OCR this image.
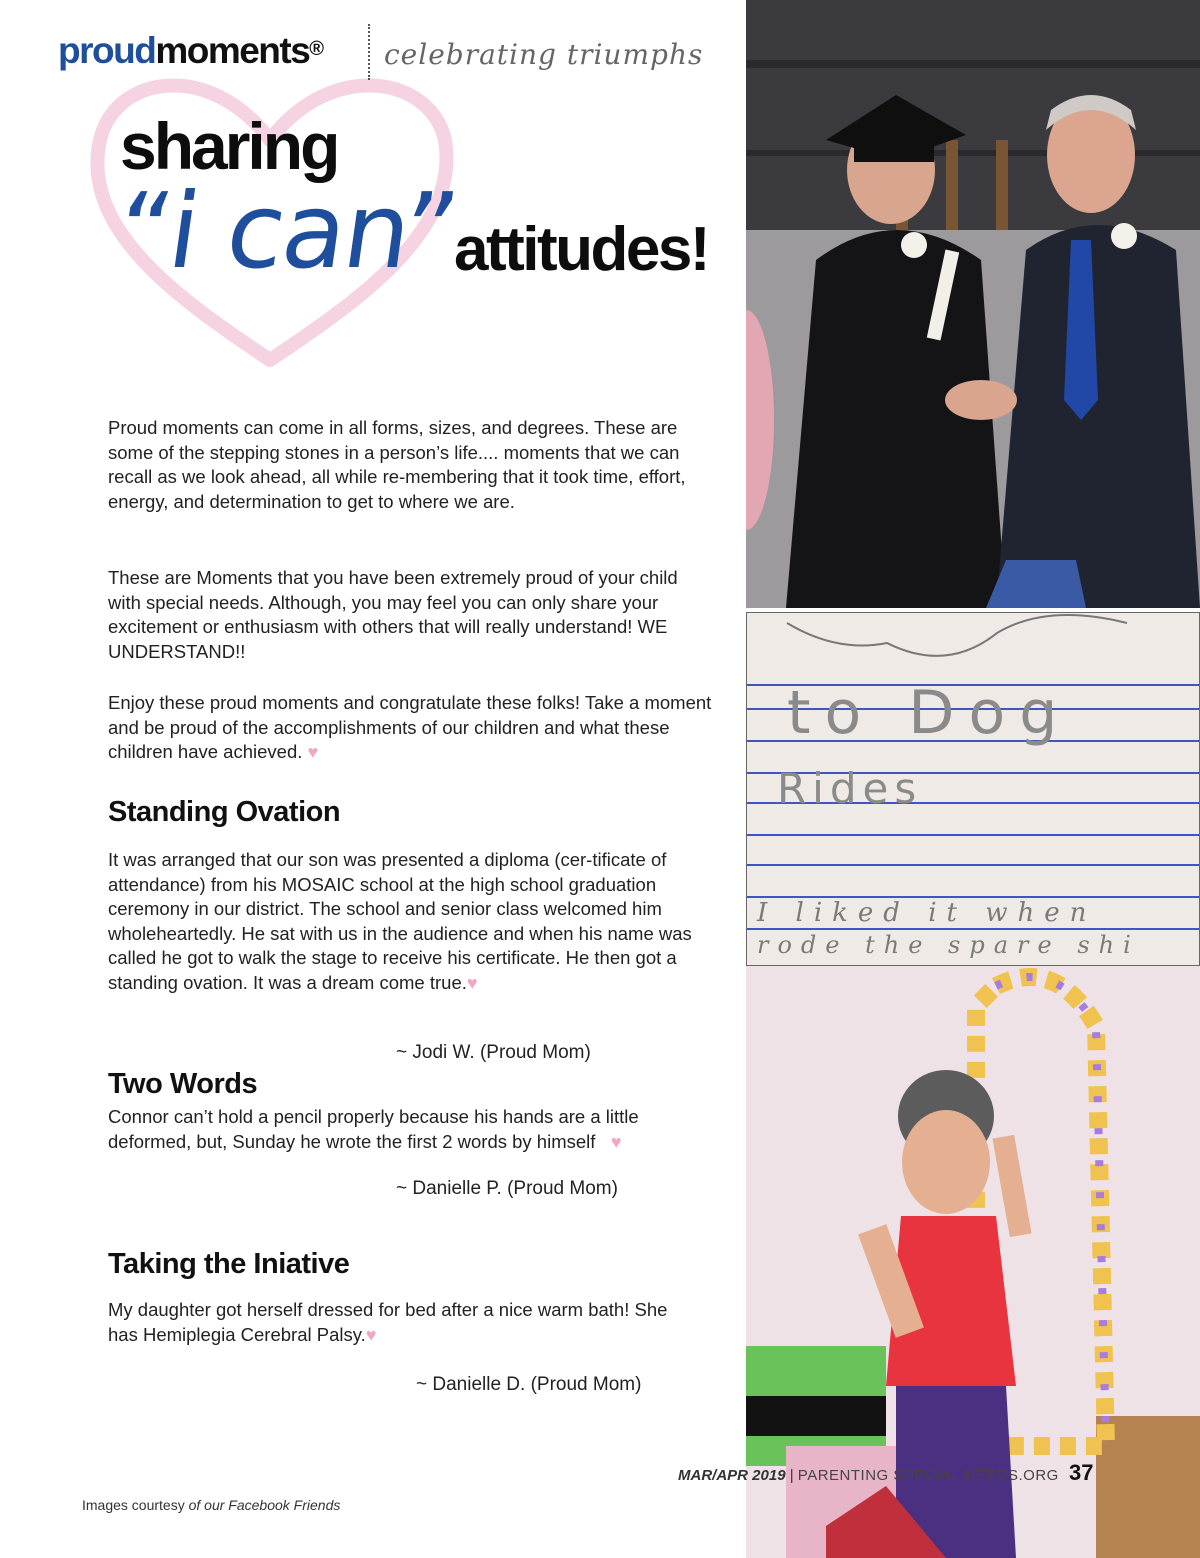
proudmoments® celebrating triumphs
sharing
“i can”
attitudes!

Proud moments can come in all forms, sizes, and degrees. These are some of the stepping stones in a person’s life.... moments that we can recall as we look ahead, all while re-membering that it took time, effort, energy, and determination to get to where we are.

These are Moments that you have been extremely proud of your child with special needs. Although, you may feel you can only share your excitement or enthusiasm with others that will really understand! WE UNDERSTAND!!

Enjoy these proud moments and congratulate these folks! Take a moment and be proud of the accomplishments of our children and what these children have achieved. ♥

Standing Ovation

It was arranged that our son was presented a diploma (cer-tificate of attendance) from his MOSAIC school at the high school graduation ceremony in our district. The school and senior class welcomed him wholeheartedly. He sat with us in the audience and when his name was called he got to walk the stage to receive his certificate. He then got a standing ovation. It was a dream come true.♥

~ Jodi W. (Proud Mom)
Two Words

Connor can’t hold a pencil properly because his hands are a little deformed, but, Sunday he wrote the first 2 words by himself ♥

~ Danielle P. (Proud Mom)
Taking the Iniative

My daughter got herself dressed for bed after a nice warm bath! She has Hemiplegia Cerebral Palsy.♥

~ Danielle D. (Proud Mom)
to Dog
Rides
I liked it when
rode the spare shi
MAR/APR 2019 | PARENTING SPECIAL NEEDS.ORG 37
Images courtesy of our Facebook Friends
